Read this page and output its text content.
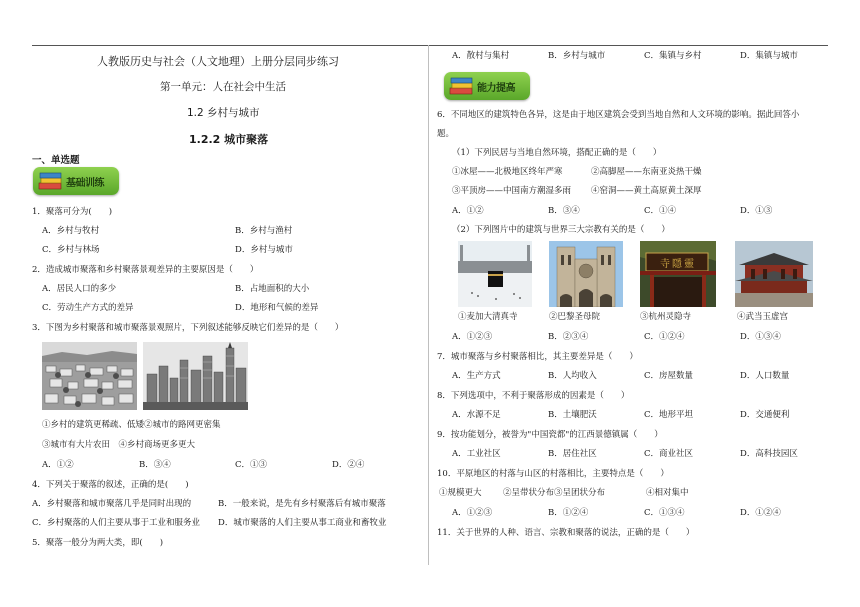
人教版历史与社会（人文地理）上册分层同步练习
第一单元：人在社会中生活
1.2 乡村与城市
1.2.2 城市聚落
一、单选题
基础训练
1．聚落可分为(　　)
A．乡村与牧村	B．乡村与渔村
C．乡村与林场	D．乡村与城市
2．造成城市聚落和乡村聚落景观差异的主要原因是（　　）
A．居民人口的多少	B．占地面积的大小
C．劳动生产方式的差异	D．地形和气候的差异
3．下图为乡村聚落和城市聚落景观照片，下列叙述能够反映它们差异的是（　　）
①乡村的建筑更稀疏、低矮②城市的路网更密集
③城市有大片农田　④乡村商场更多更大
A．①②	B．③④	C．①③	D．②④
4．下列关于聚落的叙述，正确的是(　　)
A．乡村聚落和城市聚落几乎是同时出现的	B．一般来说，是先有乡村聚落后有城市聚落
C．乡村聚落的人们主要从事于工业和服务业 D．城市聚落的人们主要从事工商业和畜牧业
5．聚落一般分为两大类，即(　　)
A．散村与集村	B．乡村与城市	C．集镇与乡村	D．集镇与城市
能力提高
6．不同地区的建筑特色各异，这是由于地区建筑会受到当地自然和人文环境的影响。据此回答小
题。
（1）下列民居与当地自然环境，搭配正确的是（　　）
①冰屋——北极地区终年严寒	②高脚屋——东南亚炎热干燥
③平顶房——中国南方潮湿多雨 ④窑洞——黄土高原黄土深厚
A．①②	B．③④	C．①④	D．①③
（2）下列图片中的建筑与世界三大宗教有关的是（　　）
寺隱靈
①麦加大清真寺	②巴黎圣母院	③杭州灵隐寺	④武当玉虚宫
A．①②③	B．②③④	C．①②④	D．①③④
7．城市聚落与乡村聚落相比，其主要差异是（　　）
A．生产方式	B．人均收入	C．房屋数量	D．人口数量
8．下列选项中，不利于聚落形成的因素是（　　）
A．水源不足	B．土壤肥沃	C．地形平坦	D．交通便利
9．按功能划分，被誉为"中国瓷都"的江西景德镇属（　　）
A．工业社区	B．居住社区	C．商业社区	D．高科技园区
10．平原地区的村落与山区的村落相比，主要特点是（　　）
①规模更大	②呈带状分布③呈团状分布	④相对集中
A．①②③	B．①②④	C．①③④	D．①②④
11．关于世界的人种、语言、宗教和聚落的说法，正确的是（　　）
